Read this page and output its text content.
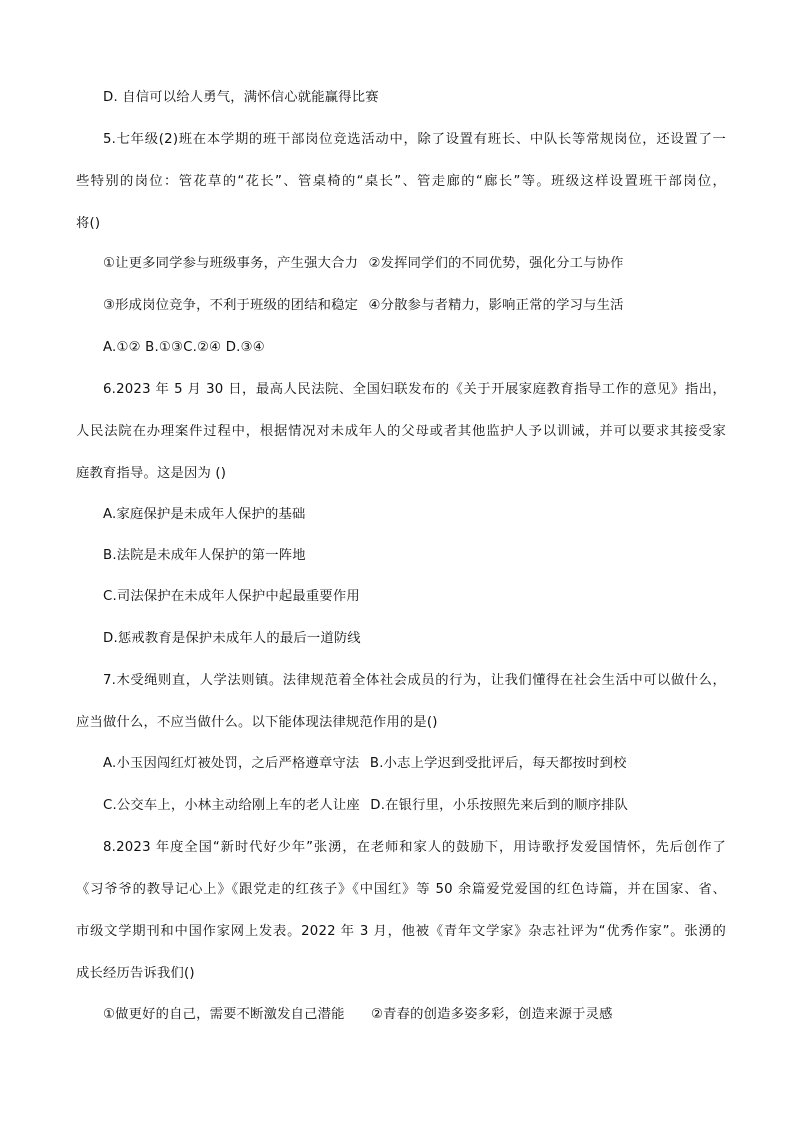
D. 自信可以给人勇气，满怀信心就能赢得比赛
5.七年级(2)班在本学期的班干部岗位竞选活动中，除了设置有班长、中队长等常规岗位，还设置了一
些特别的岗位：管花草的“花长”、管桌椅的“桌长”、管走廊的“廊长”等。班级这样设置班干部岗位，
将()
①让更多同学参与班级事务，产生强大合力 ②发挥同学们的不同优势，强化分工与协作
③形成岗位竞争，不利于班级的团结和稳定 ④分散参与者精力，影响正常的学习与生活
A.①② B.①③C.②④ D.③④
6.2023 年 5 月 30 日，最高人民法院、全国妇联发布的《关于开展家庭教育指导工作的意见》指出，
人民法院在办理案件过程中，根据情况对未成年人的父母或者其他监护人予以训诫，并可以要求其接受家
庭教育指导。这是因为 ()
A.家庭保护是未成年人保护的基础
B.法院是未成年人保护的第一阵地
C.司法保护在未成年人保护中起最重要作用
D.惩戒教育是保护未成年人的最后一道防线
7.木受绳则直，人学法则镇。法律规范着全体社会成员的行为，让我们懂得在社会生活中可以做什么，
应当做什么，不应当做什么。以下能体现法律规范作用的是()
A.小玉因闯红灯被处罚，之后严格遵章守法 B.小志上学迟到受批评后，每天都按时到校
C.公交车上，小林主动给刚上车的老人让座 D.在银行里，小乐按照先来后到的顺序排队
8.2023 年度全国“新时代好少年”张湧，在老师和家人的鼓励下，用诗歌抒发爱国情怀，先后创作了
《习爷爷的教导记心上》《跟党走的红孩子》《中国红》等 50 余篇爱党爱国的红色诗篇，并在国家、省、
市级文学期刊和中国作家网上发表。2022 年 3 月，他被《青年文学家》杂志社评为“优秀作家”。张湧的
成长经历告诉我们()
①做更好的自己，需要不断激发自己潜能 ②青春的创造多姿多彩，创造来源于灵感
